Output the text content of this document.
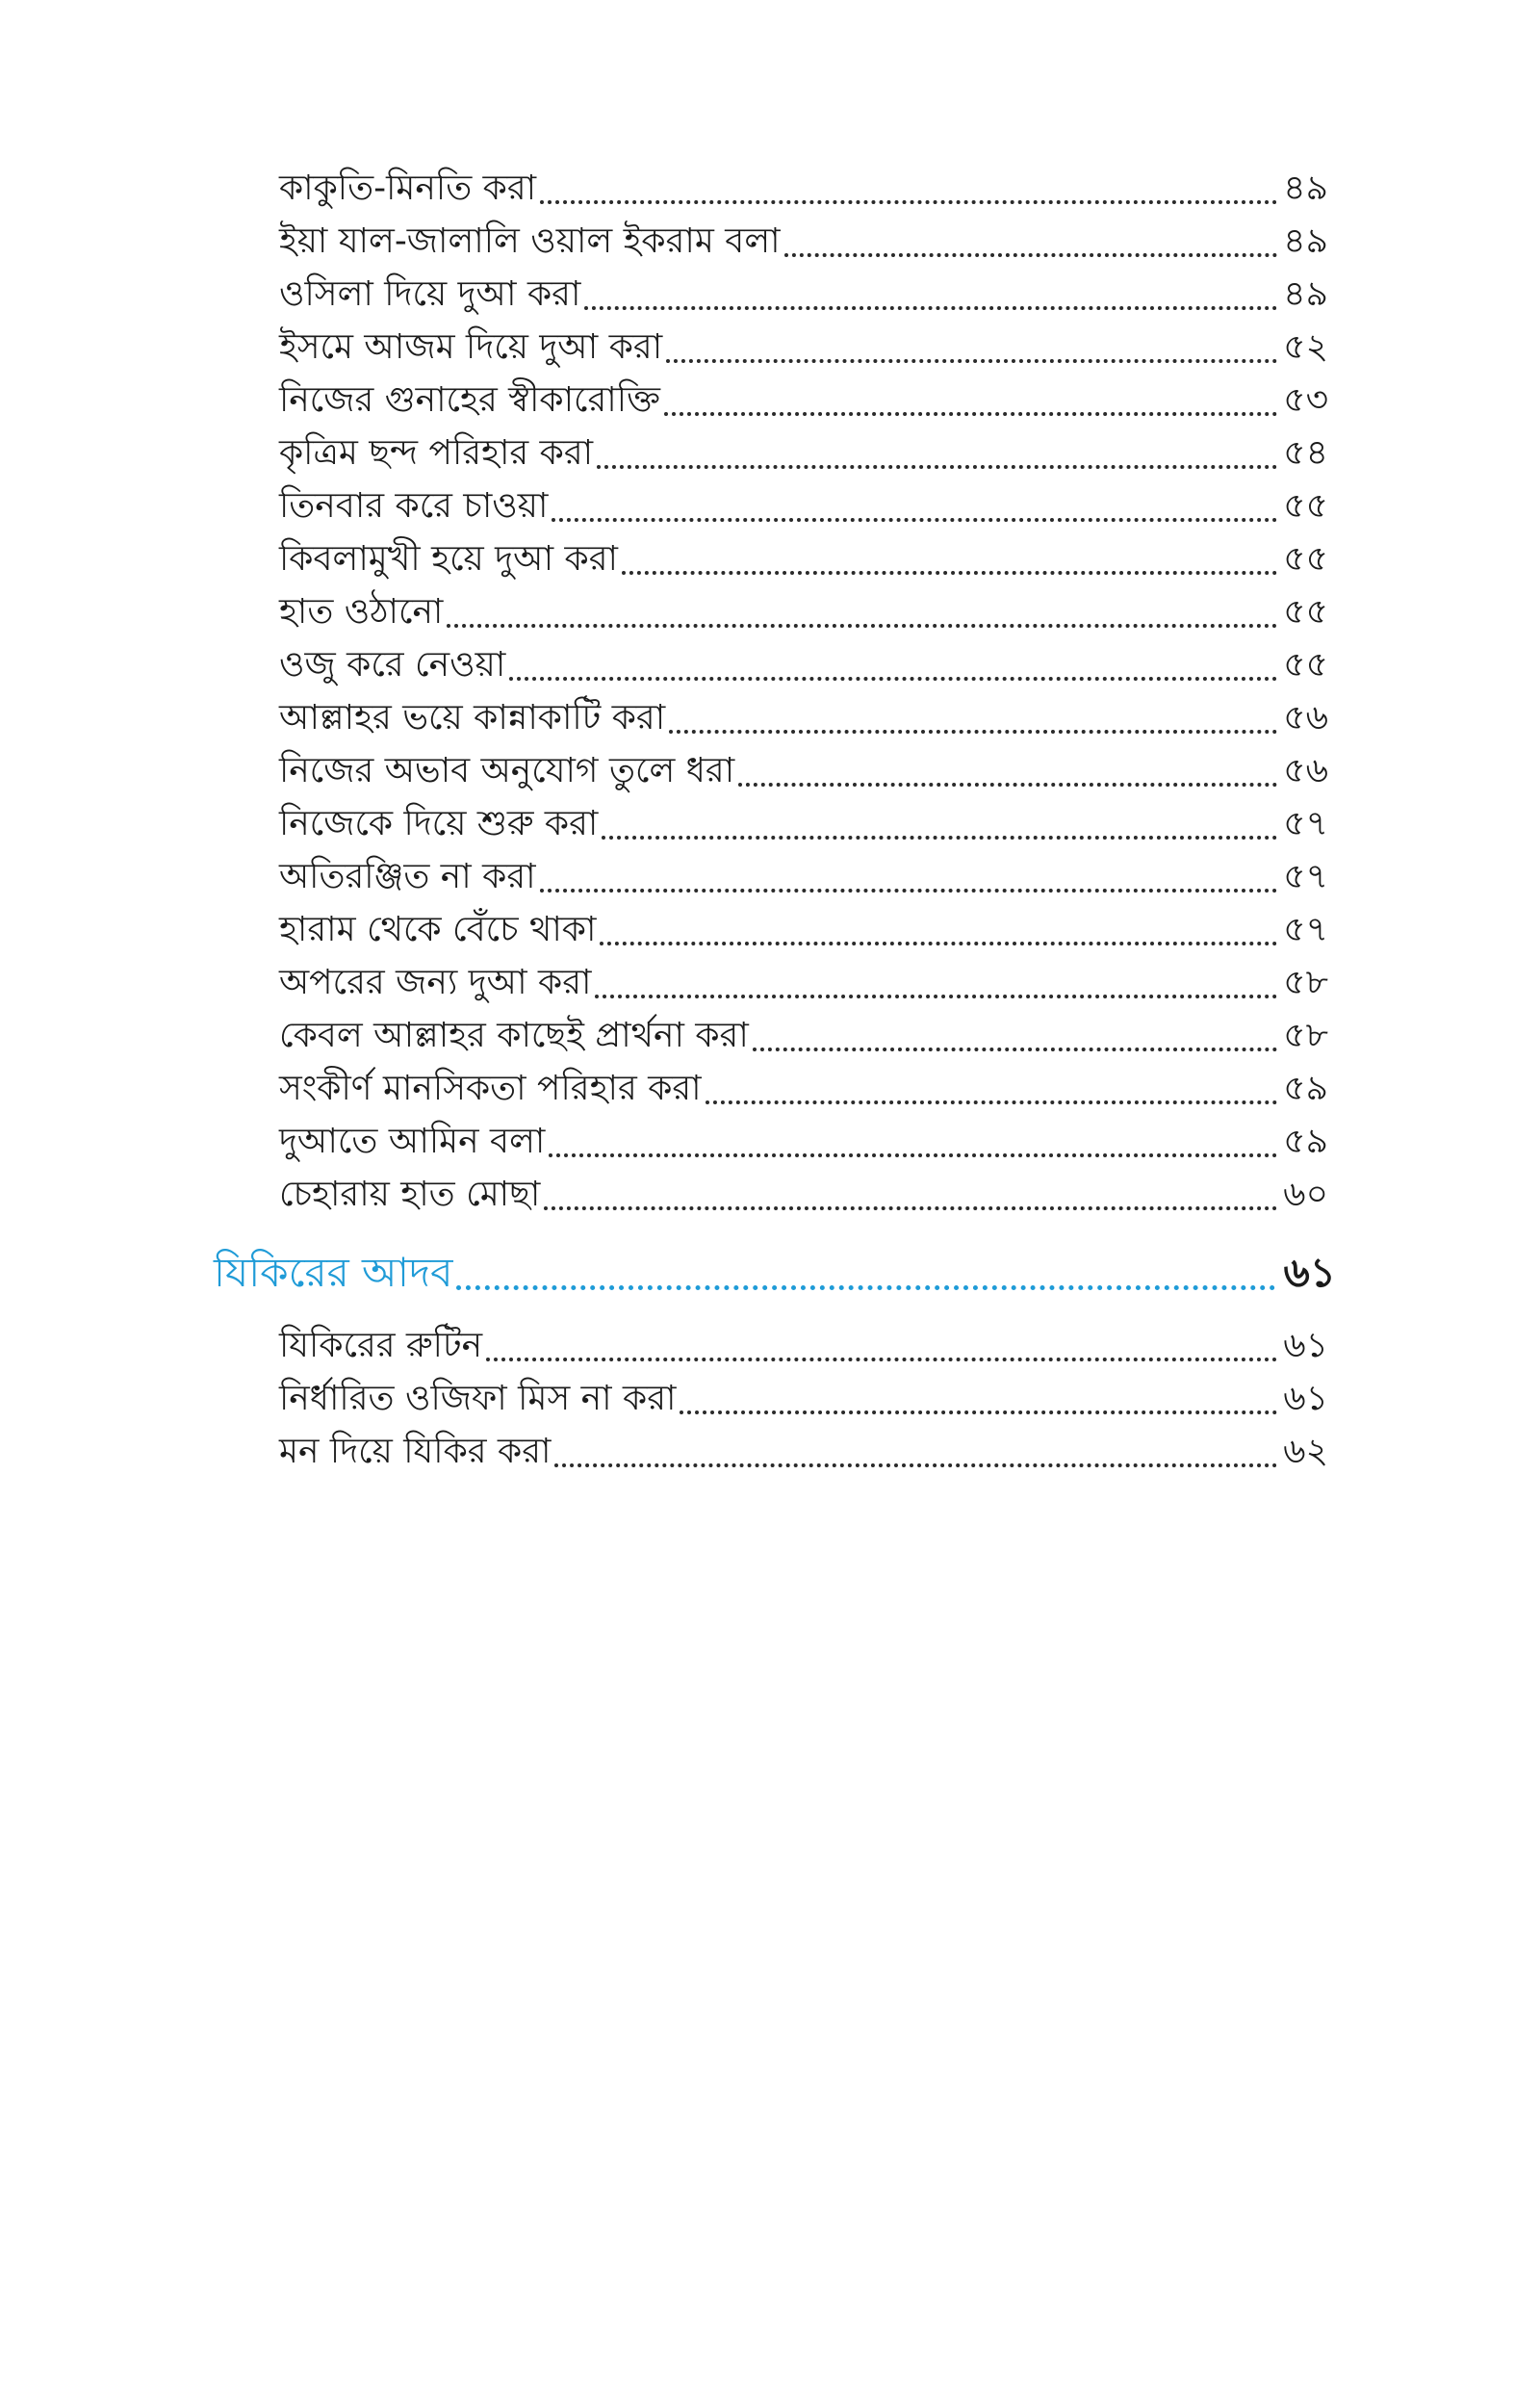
কাকুতি-মিনতি করা	৪৯
ইয়া যাল-জালালি ওয়াল ইকরাম বলা	৪৯
ওসিলা দিয়ে দুআ করা	৪৯
ইসমে আজম দিয়ে দুআ করা	৫২
নিজের গুনাহের স্বীকারোক্তি	৫৩
কৃত্রিম ছন্দ পরিহার করা	৫৪
তিনবার করে চাওয়া	৫৫
কিবলামুখী হয়ে দুআ করা	৫৫
হাত ওঠানো	৫৫
ওজু করে নেওয়া	৫৫
আল্লাহর ভয়ে কান্নাকাটি করা	৫৬
নিজের অভাব অনুযোগ তুলে ধরা	৫৬
নিজেকে দিয়ে শুরু করা	৫৭
অতিরঞ্জিত না করা	৫৭
হারাম থেকে বেঁচে থাকা	৫৭
অপরের জন্য দুআ করা	৫৮
কেবল আল্লাহর কাছেই প্রার্থনা করা	৫৮
সংকীর্ণ মানসিকতা পরিহার করা	৫৯
দুআতে আমিন বলা	৫৯
চেহারায় হাত মোছা	৬০
যিকিরের আদব	৬১
যিকিরের রুটিন	৬১
নির্ধারিত ওজিফা মিস না করা	৬১
মন দিয়ে যিকির করা	৬২
